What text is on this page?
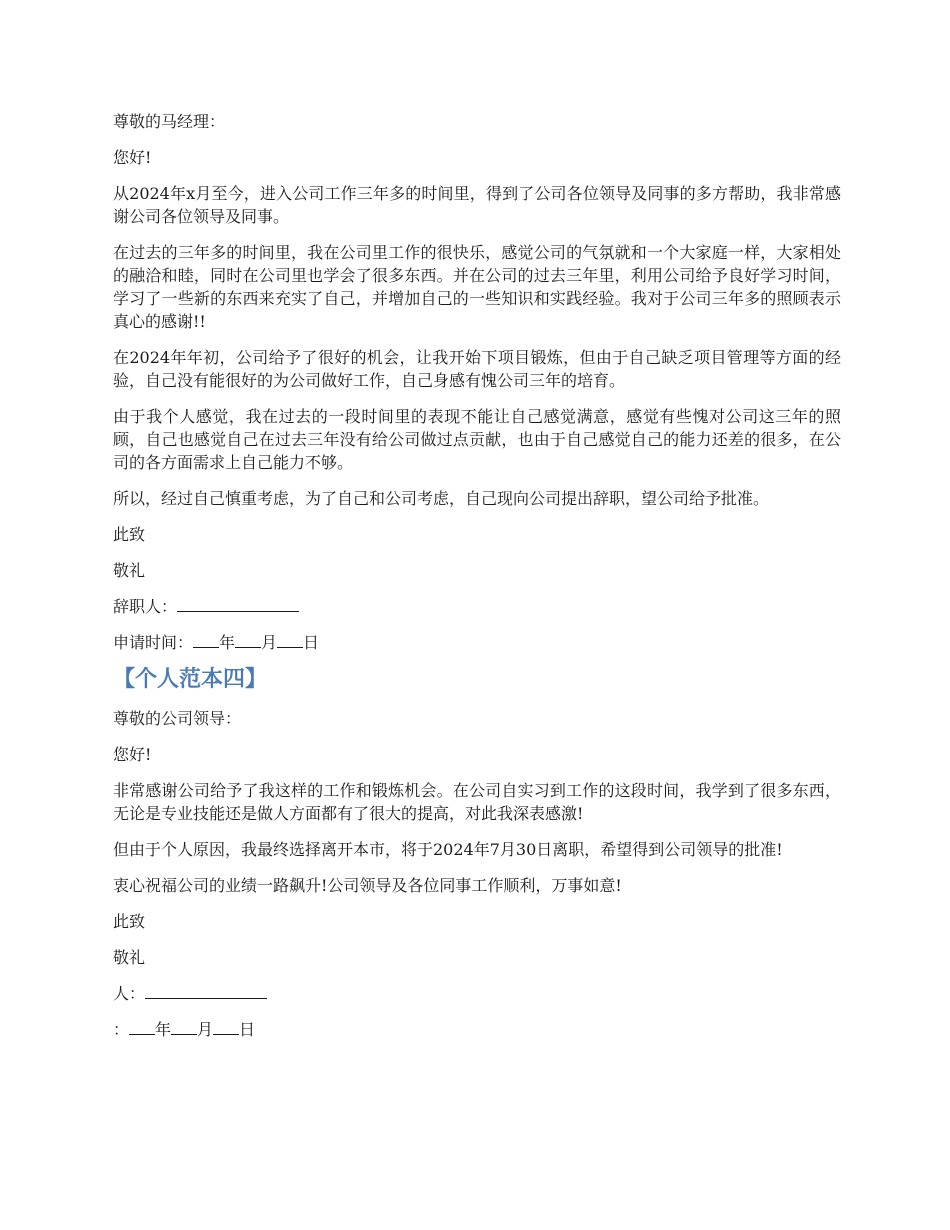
尊敬的马经理：

您好!

从2024年x月至今，进入公司工作三年多的时间里，得到了公司各位领导及同事的多方帮助，我非常感谢公司各位领导及同事。

在过去的三年多的时间里，我在公司里工作的很快乐，感觉公司的气氛就和一个大家庭一样，大家相处的融洽和睦，同时在公司里也学会了很多东西。并在公司的过去三年里，利用公司给予良好学习时间，学习了一些新的东西来充实了自己，并增加自己的一些知识和实践经验。我对于公司三年多的照顾表示真心的感谢!!

在2024年年初，公司给予了很好的机会，让我开始下项目锻炼，但由于自己缺乏项目管理等方面的经验，自己没有能很好的为公司做好工作，自己身感有愧公司三年的培育。

由于我个人感觉，我在过去的一段时间里的表现不能让自己感觉满意，感觉有些愧对公司这三年的照顾，自己也感觉自己在过去三年没有给公司做过点贡献，也由于自己感觉自己的能力还差的很多，在公司的各方面需求上自己能力不够。

所以，经过自己慎重考虑，为了自己和公司考虑，自己现向公司提出辞职，望公司给予批准。

此致

敬礼

辞职人：

申请时间： 年 月 日

【个人范本四】

尊敬的公司领导：

您好!

非常感谢公司给予了我这样的工作和锻炼机会。在公司自实习到工作的这段时间，我学到了很多东西，无论是专业技能还是做人方面都有了很大的提高，对此我深表感激!

但由于个人原因，我最终选择离开本市，将于2024年7月30日离职，希望得到公司领导的批准!

衷心祝福公司的业绩一路飙升!公司领导及各位同事工作顺利，万事如意!

此致

敬礼

人：

： 年 月 日
